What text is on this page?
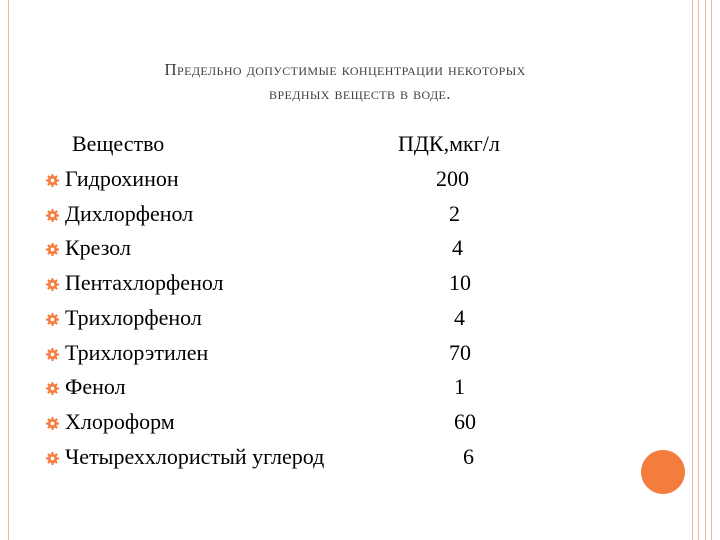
Предельно допустимые концентрации некоторых
вредных веществ в воде.
Вещество	ПДК,мкг/л
Гидрохинон	200
Дихлорфенол	2
Крезол	4
Пентахлорфенол	10
Трихлорфенол	4
Трихлорэтилен	70
Фенол	1
Хлороформ	60
Четыреххлористый углерод	6
